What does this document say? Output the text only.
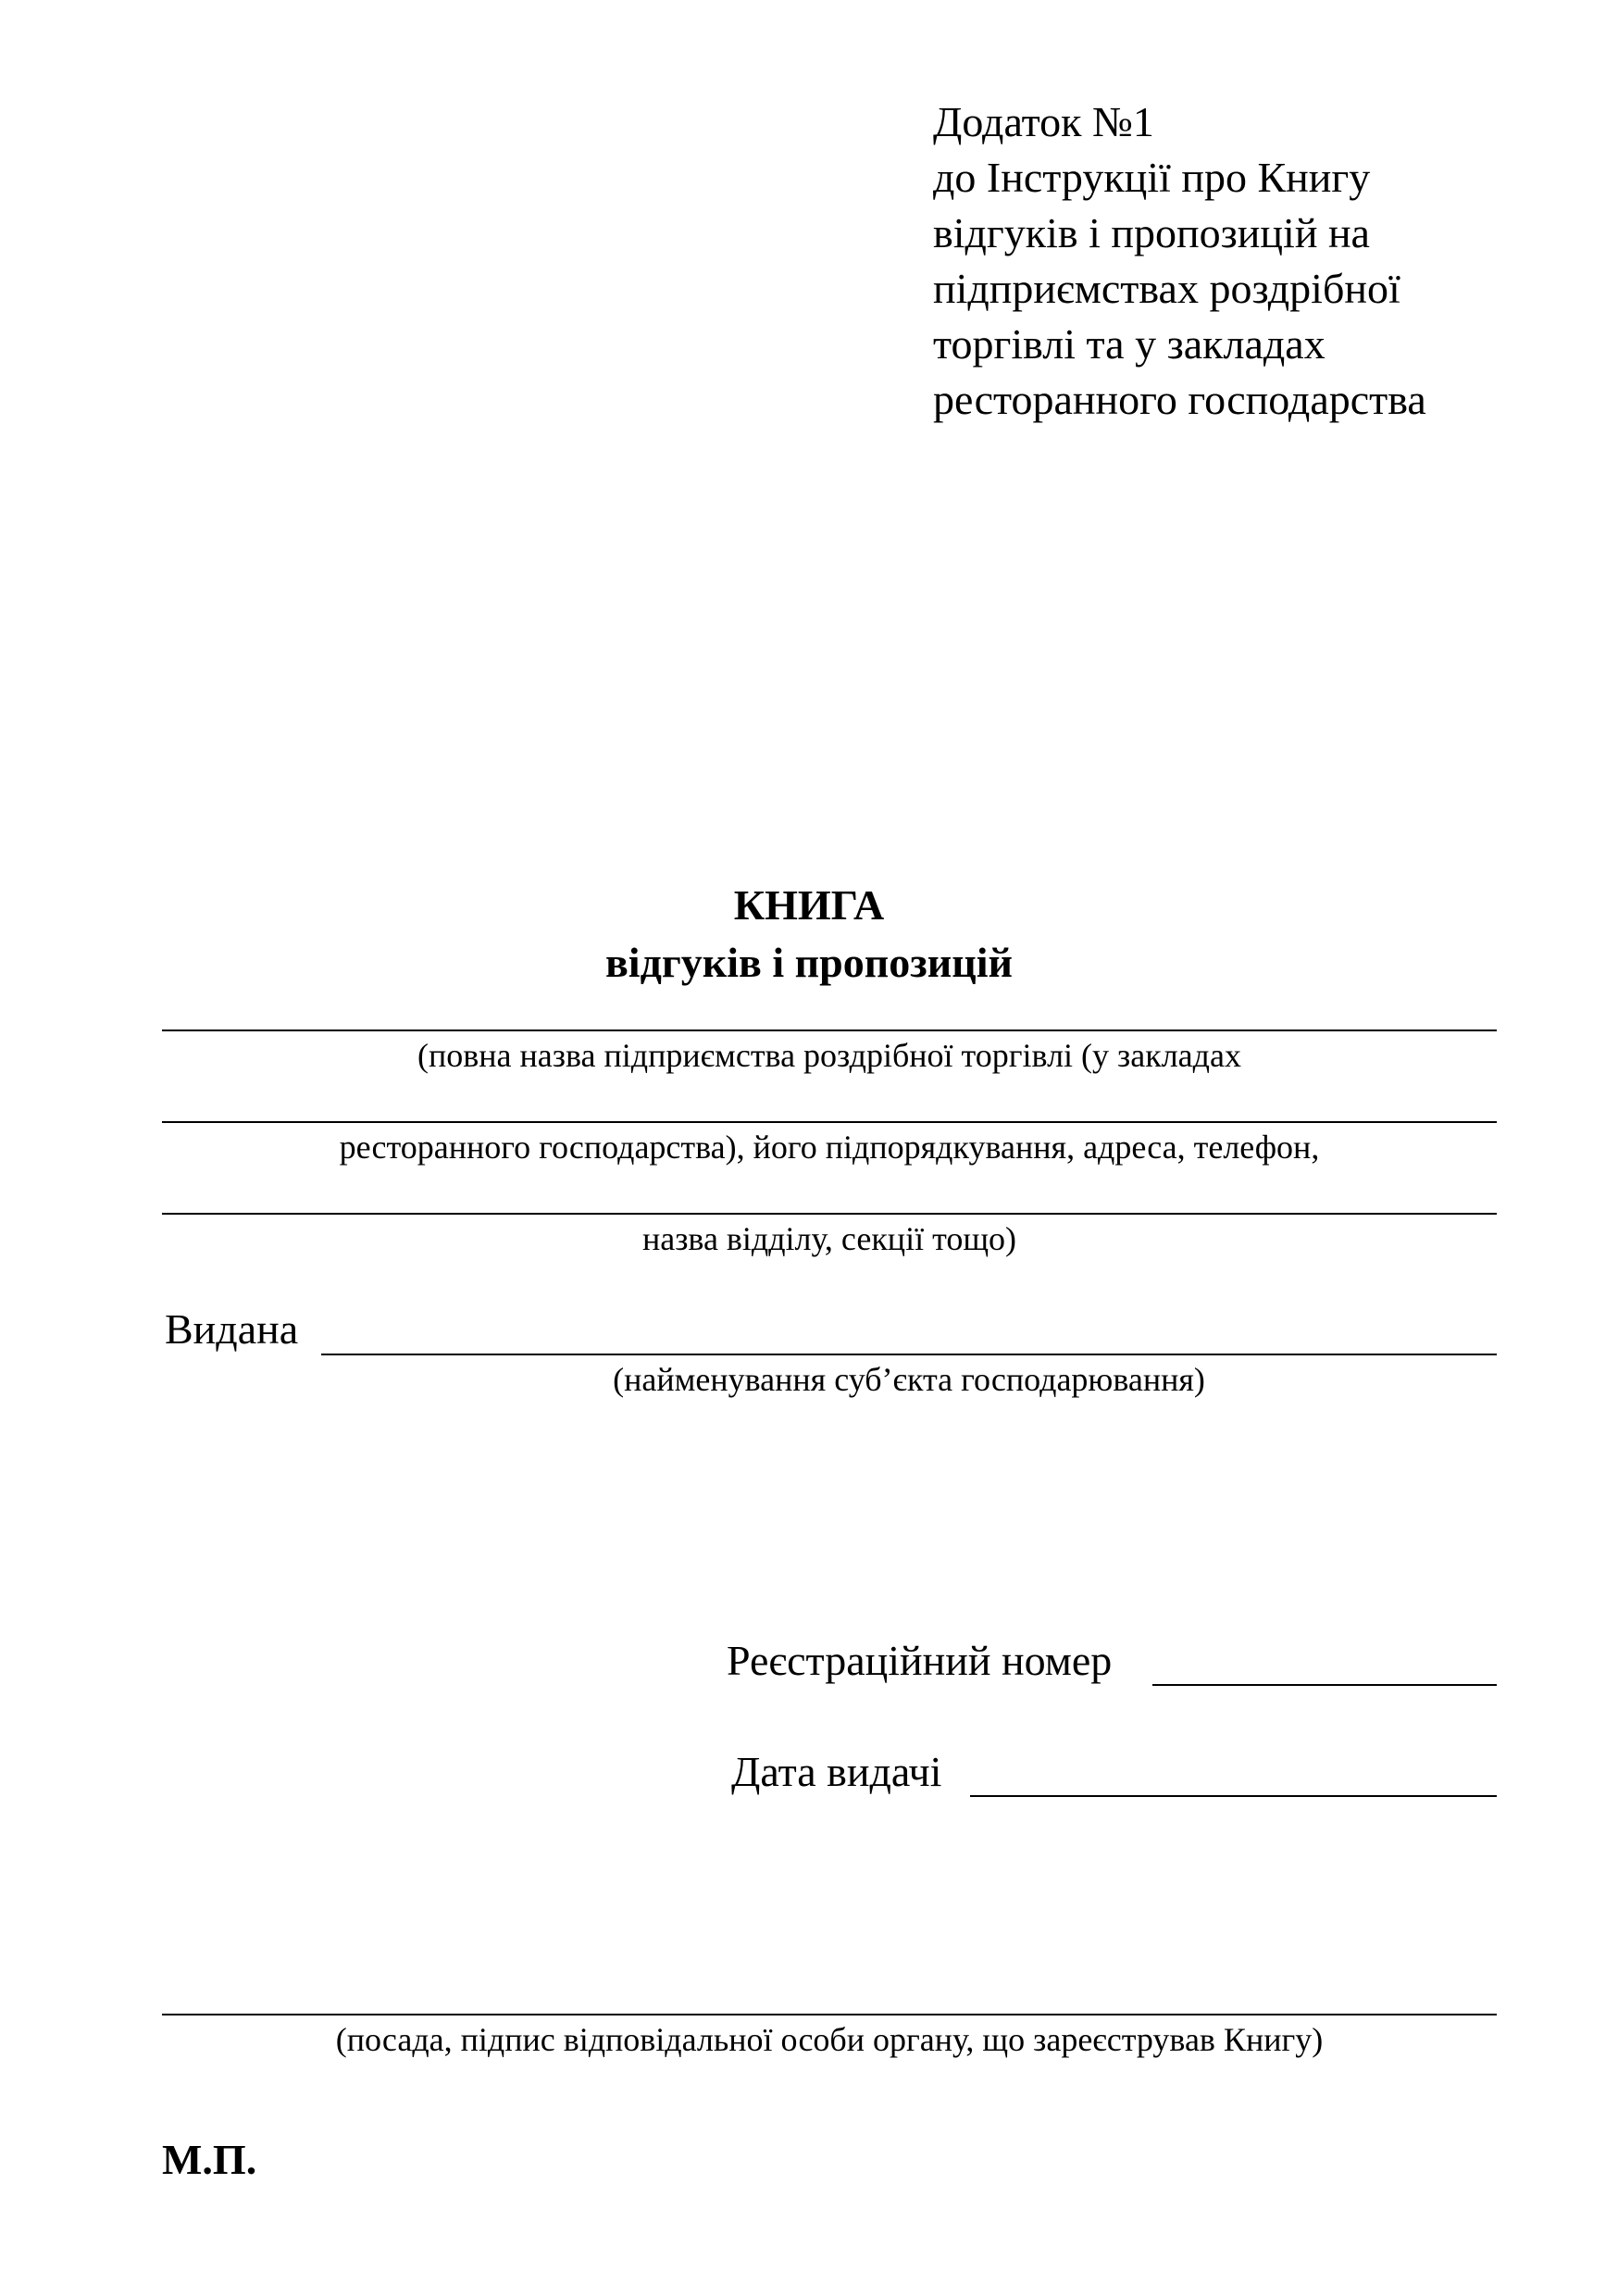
Додаток №1
до Інструкції про Книгу
відгуків і пропозицій на
підприємствах роздрібної
торгівлі та у закладах
ресторанного господарства
КНИГА
відгуків і пропозицій
(повна назва підприємства роздрібної торгівлі (у закладах
ресторанного господарства), його підпорядкування, адреса, телефон,
назва відділу, секції тощо)
Видана
(найменування суб’єкта господарювання)
Реєстраційний номер
Дата видачі
(посада, підпис відповідальної особи органу, що зареєстрував Книгу)
М.П.
